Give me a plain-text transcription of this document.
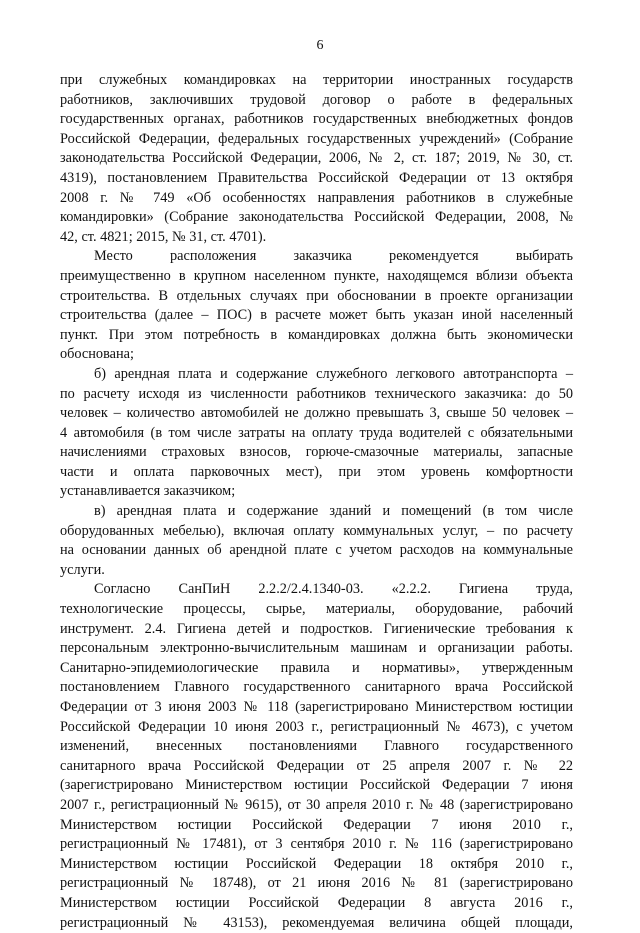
6
при служебных командировках на территории иностранных государств
работников, заключивших трудовой договор о работе в федеральных
государственных органах, работников государственных внебюджетных фондов
Российской Федерации, федеральных государственных учреждений» (Собрание
законодательства Российской Федерации, 2006, № 2, ст. 187; 2019, № 30, ст.
4319), постановлением Правительства Российской Федерации от 13 октября
2008 г. № 749 «Об особенностях направления работников в служебные
командировки» (Собрание законодательства Российской Федерации, 2008, №
42, ст. 4821; 2015, № 31, ст. 4701).
Место расположения заказчика рекомендуется выбирать
преимущественно в крупном населенном пункте, находящемся вблизи объекта
строительства. В отдельных случаях при обосновании в проекте организации
строительства (далее – ПОС) в расчете может быть указан иной населенный
пункт. При этом потребность в командировках должна быть экономически
обоснована;
б) арендная плата и содержание служебного легкового автотранспорта –
по расчету исходя из численности работников технического заказчика: до 50
человек – количество автомобилей не должно превышать 3, свыше 50 человек –
4 автомобиля (в том числе затраты на оплату труда водителей с обязательными
начислениями страховых взносов, горюче-смазочные материалы, запасные
части и оплата парковочных мест), при этом уровень комфортности
устанавливается заказчиком;
в) арендная плата и содержание зданий и помещений (в том числе
оборудованных мебелью), включая оплату коммунальных услуг, – по расчету
на основании данных об арендной плате с учетом расходов на коммунальные
услуги.
Согласно СанПиН 2.2.2/2.4.1340-03. «2.2.2. Гигиена труда,
технологические процессы, сырье, материалы, оборудование, рабочий
инструмент. 2.4. Гигиена детей и подростков. Гигиенические требования к
персональным электронно-вычислительным машинам и организации работы.
Санитарно-эпидемиологические правила и нормативы», утвержденным
постановлением Главного государственного санитарного врача Российской
Федерации от 3 июня 2003 № 118 (зарегистрировано Министерством юстиции
Российской Федерации 10 июня 2003 г., регистрационный № 4673), с учетом
изменений, внесенных постановлениями Главного государственного
санитарного врача Российской Федерации от 25 апреля 2007 г. № 22
(зарегистрировано Министерством юстиции Российской Федерации 7 июня
2007 г., регистрационный № 9615), от 30 апреля 2010 г. № 48 (зарегистрировано
Министерством юстиции Российской Федерации 7 июня 2010 г.,
регистрационный № 17481), от 3 сентября 2010 г. № 116 (зарегистрировано
Министерством юстиции Российской Федерации 18 октября 2010 г.,
регистрационный № 18748), от 21 июня 2016 № 81 (зарегистрировано
Министерством юстиции Российской Федерации 8 августа 2016 г.,
регистрационный № 43153), рекомендуемая величина общей площади,
